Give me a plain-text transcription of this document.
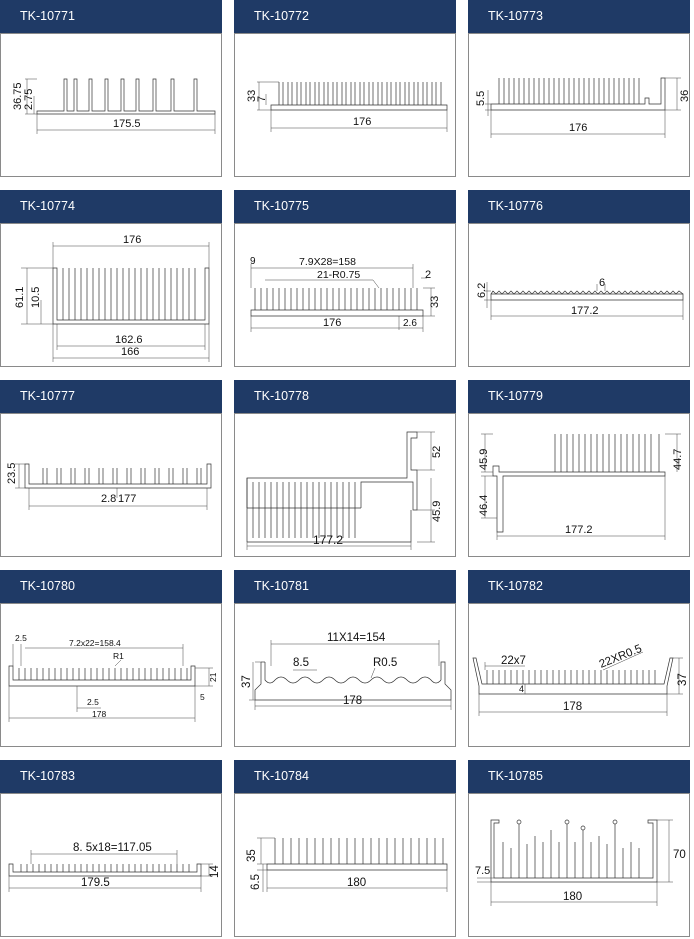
TK-10771
36.75 2.75
175.5
TK-10772
33
7
176
TK-10773
5.5	36
176
TK-10774
176
61.1 10.5
162.6
166
TK-10775
9	7.9X28=158
21-R0.75	2
33
176	2.6
TK-10776
6.2	6
177.2
TK-10777
23.5
2.8 177
TK-10778
52
45.9
177.2
TK-10779
45.9	44.7
46.4
177.2
TK-10780
2.5	7.2x22=158.4
R1
21
5
2.5
178
TK-10781
11X14=154
8.5	R0.5
37
178
TK-10782
22x7	22XR0.5
4
37
178
TK-10783
8. 5x18=117.05
14
179.5
TK-10784
35
6.5	180
TK-10785
7.5
70
180
